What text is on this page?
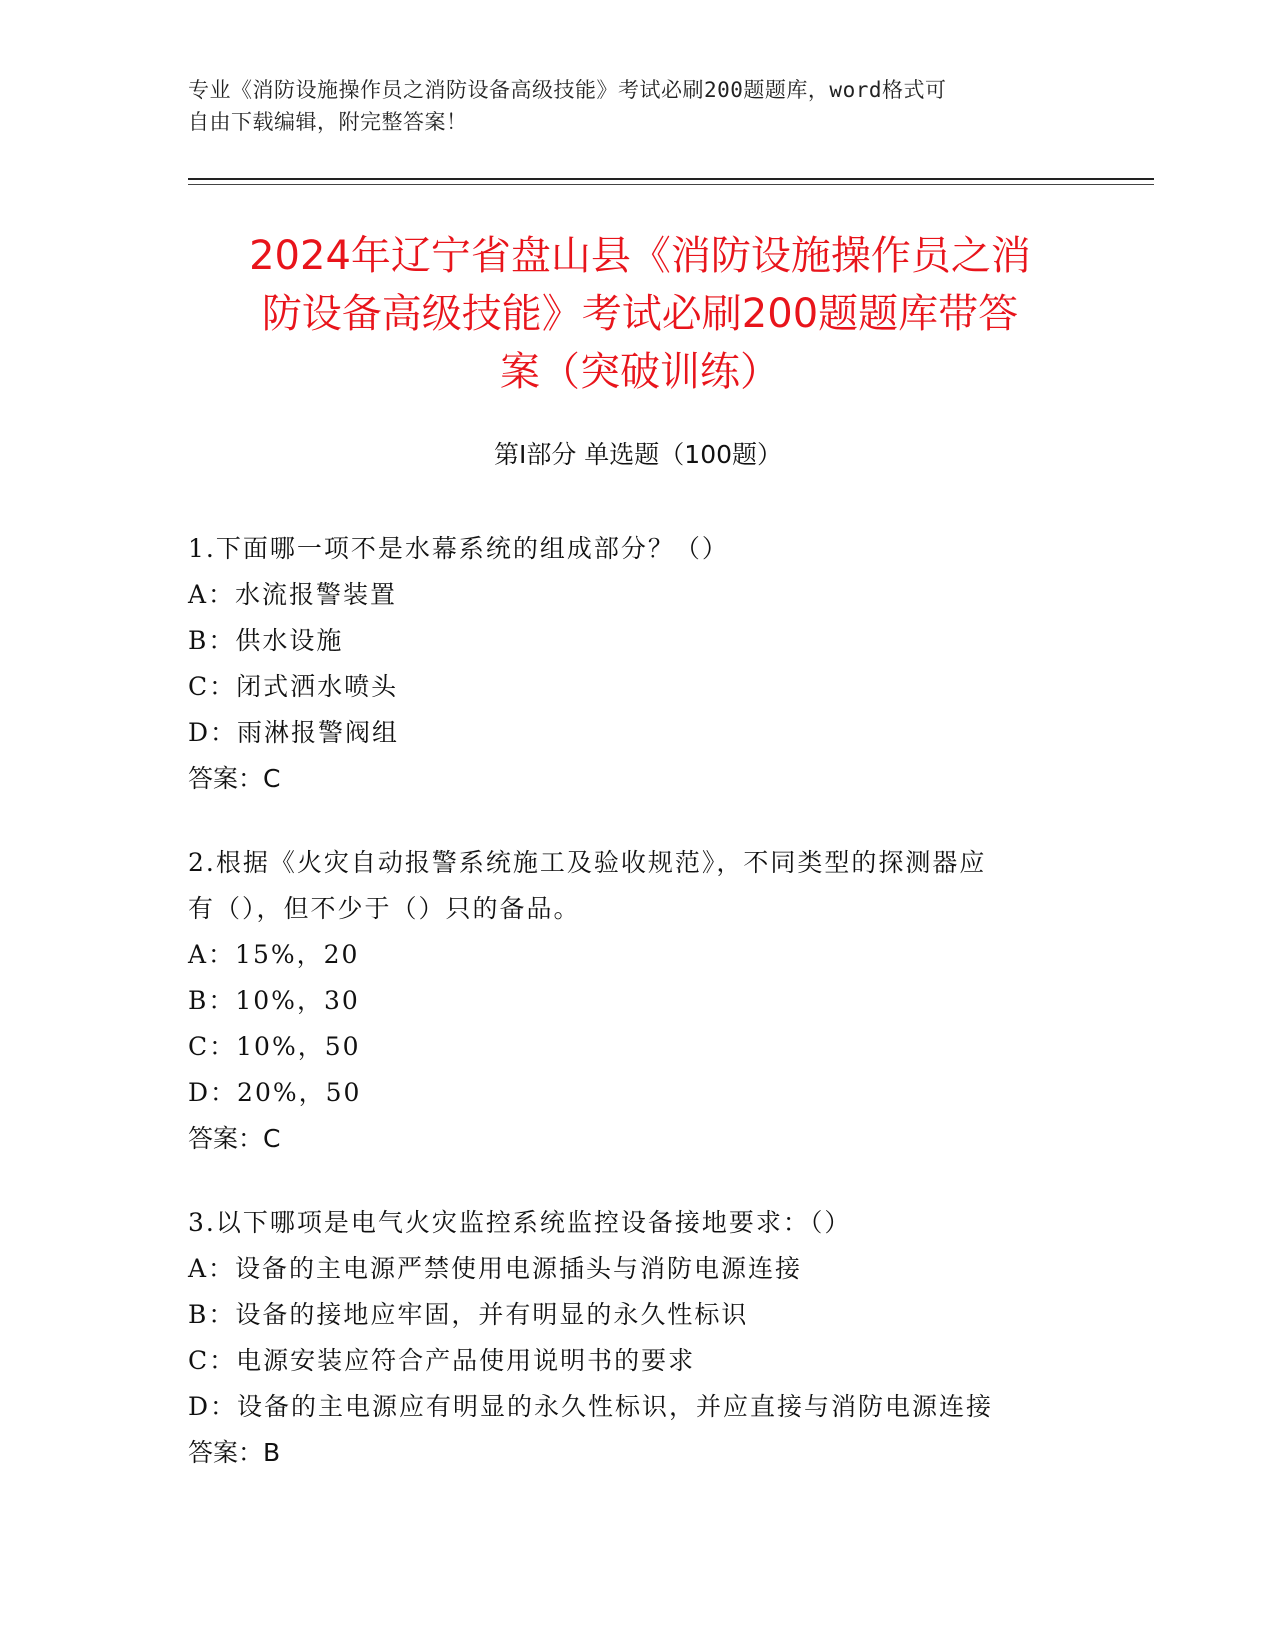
专业《消防设施操作员之消防设备高级技能》考试必刷200题题库，word格式可
自由下载编辑，附完整答案！
2024年辽宁省盘山县《消防设施操作员之消
防设备高级技能》考试必刷200题题库带答
案（突破训练）
第Ⅰ部分 单选题（100题）
1.下面哪一项不是水幕系统的组成部分？（）
A：水流报警装置
B：供水设施
C：闭式洒水喷头
D：雨淋报警阀组
答案：C
2.根据《火灾自动报警系统施工及验收规范》，不同类型的探测器应
有（），但不少于（）只的备品。
A：15%，20
B：10%，30
C：10%，50
D：20%，50
答案：C
3.以下哪项是电气火灾监控系统监控设备接地要求：（）
A：设备的主电源严禁使用电源插头与消防电源连接
B：设备的接地应牢固，并有明显的永久性标识
C：电源安装应符合产品使用说明书的要求
D：设备的主电源应有明显的永久性标识，并应直接与消防电源连接
答案：B
